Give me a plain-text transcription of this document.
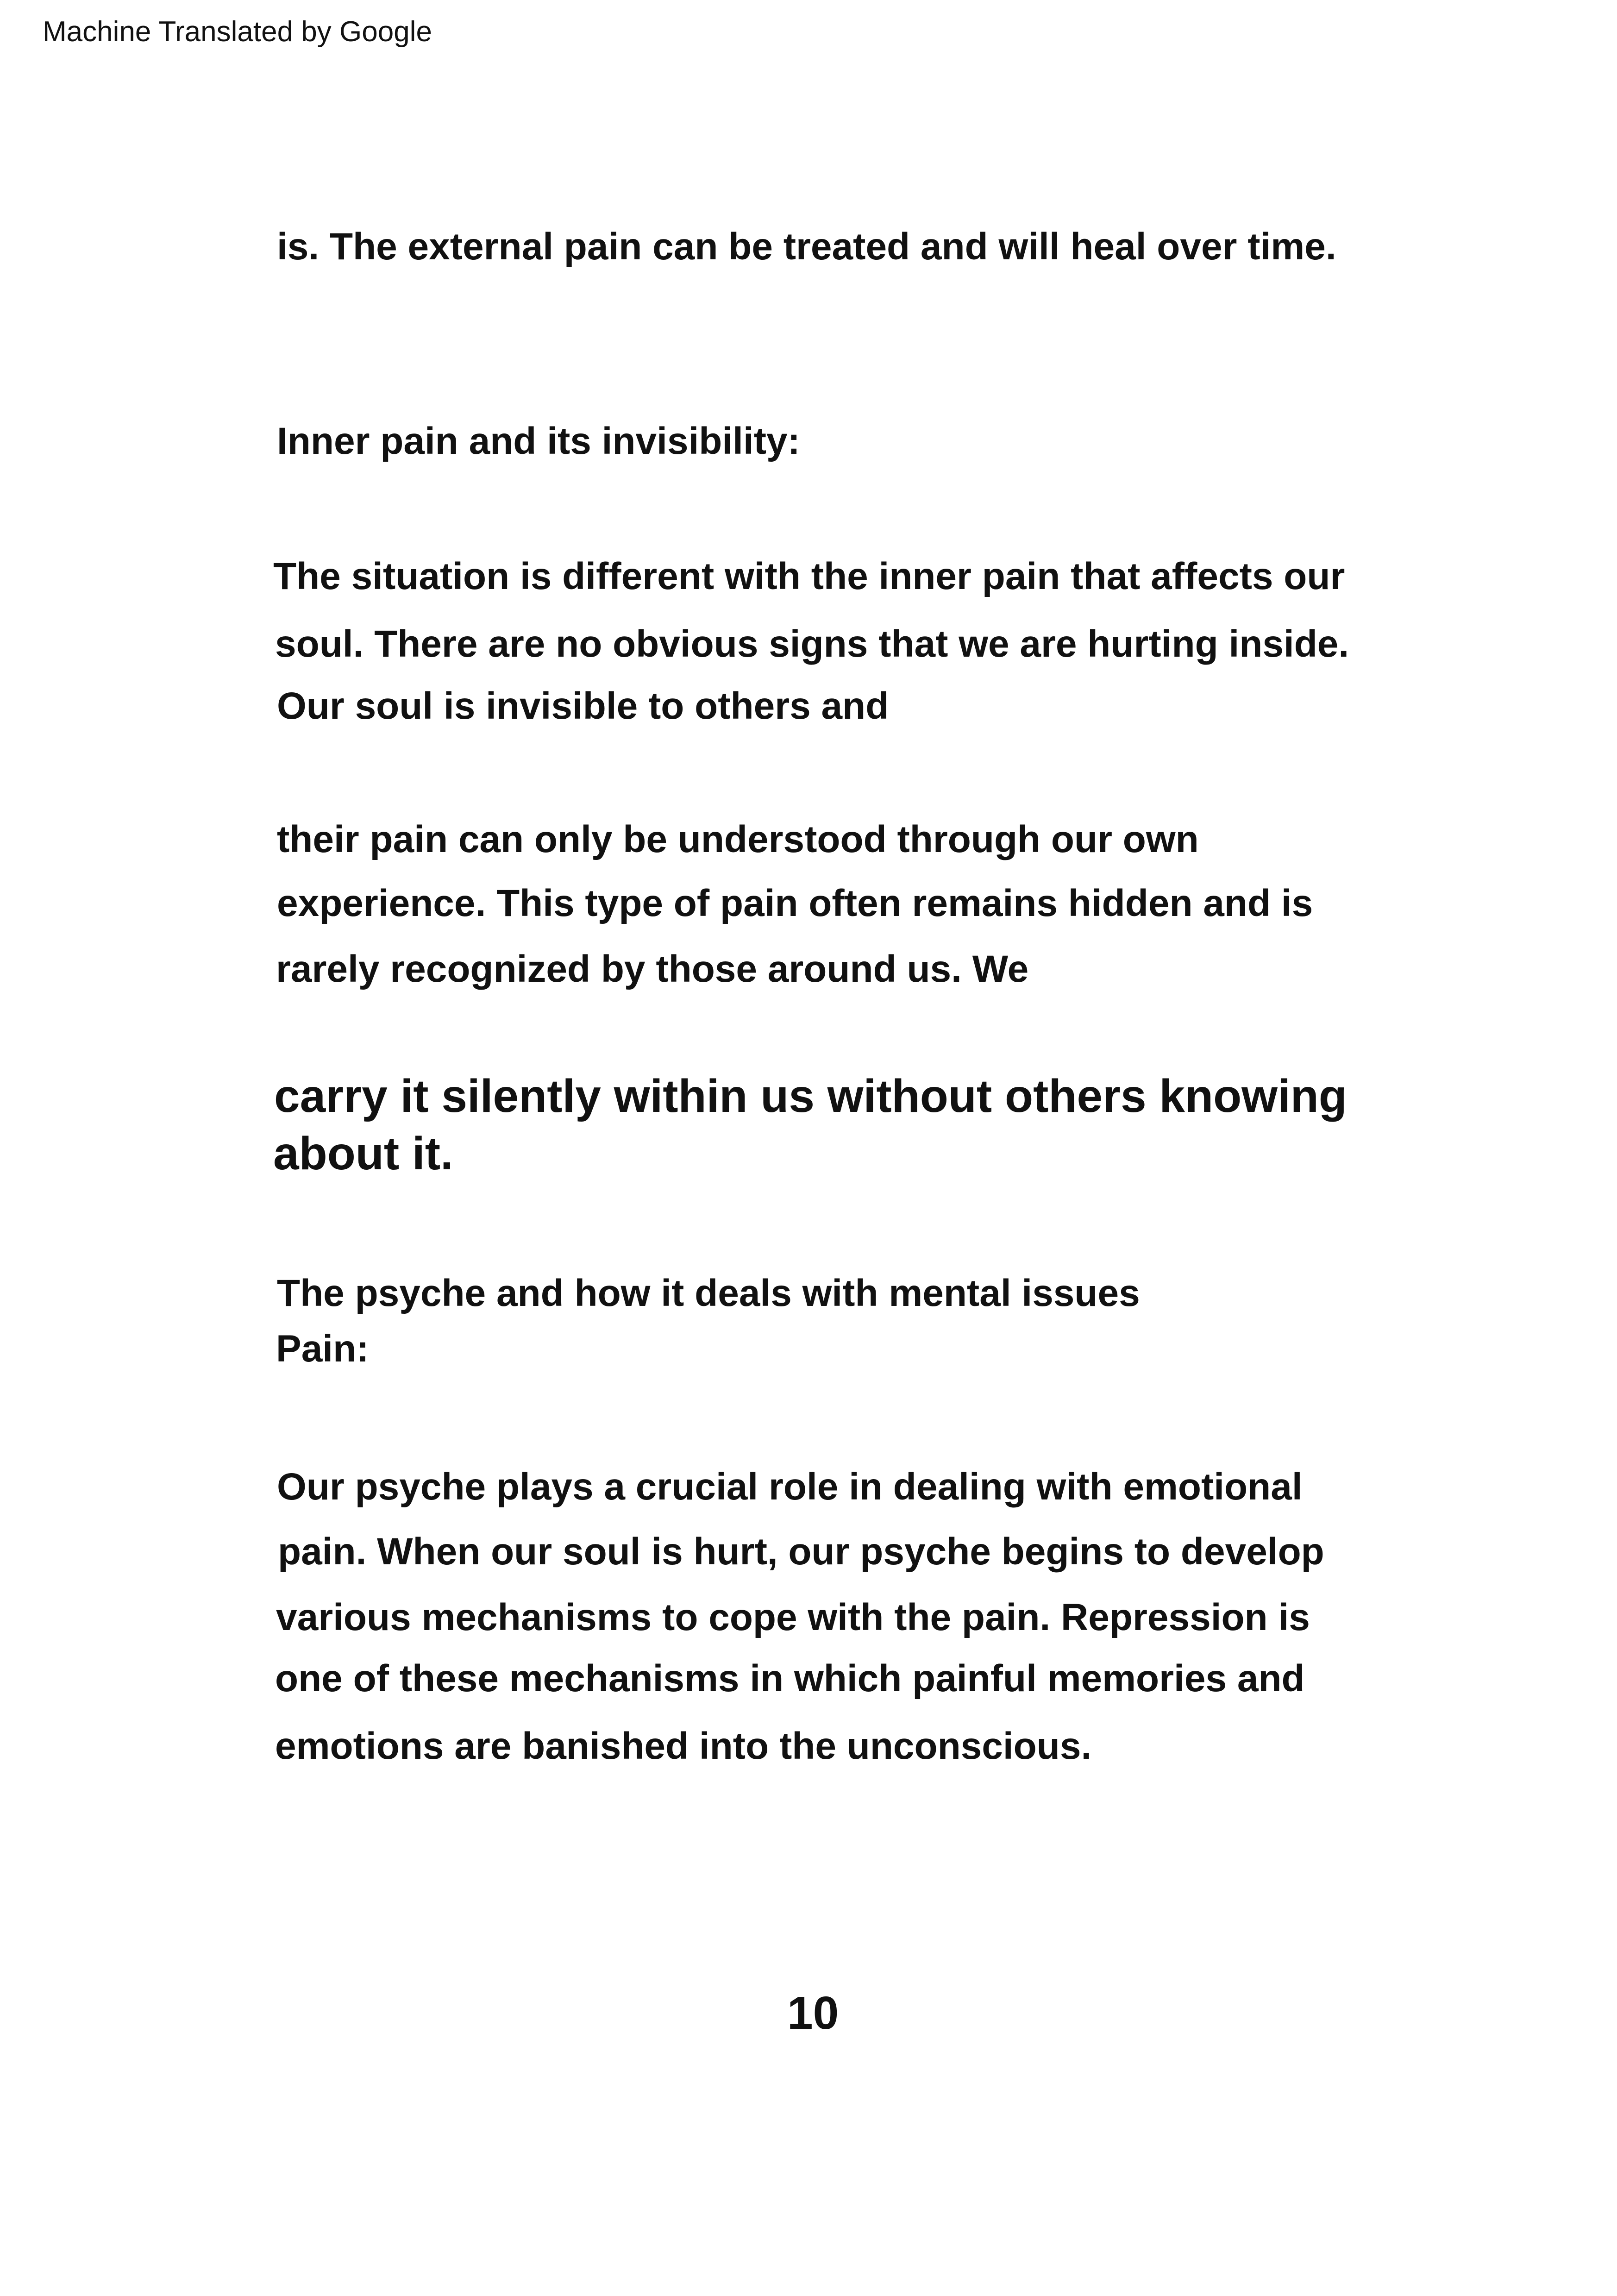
Machine Translated by Google
is. The external pain can be treated and will heal over time.
Inner pain and its invisibility:
The situation is different with the inner pain that affects our
soul. There are no obvious signs that we are hurting inside.
Our soul is invisible to others and
their pain can only be understood through our own
experience. This type of pain often remains hidden and is
rarely recognized by those around us. We
carry it silently within us without others knowing
about it.
The psyche and how it deals with mental issues
Pain:
Our psyche plays a crucial role in dealing with emotional
pain. When our soul is hurt, our psyche begins to develop
various mechanisms to cope with the pain. Repression is
one of these mechanisms in which painful memories and
emotions are banished into the unconscious.
10
